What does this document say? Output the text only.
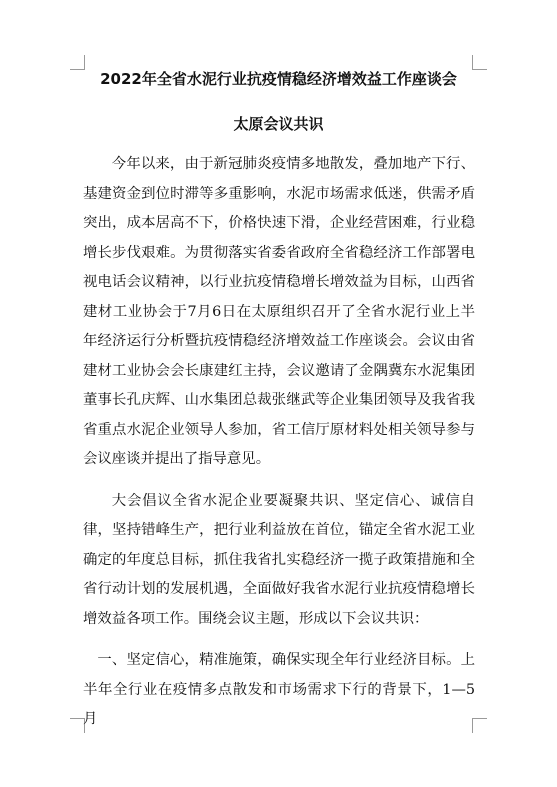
2022年全省水泥行业抗疫情稳经济增效益工作座谈会
太原会议共识

今年以来，由于新冠肺炎疫情多地散发，叠加地产下行、基建资金到位时滞等多重影响，水泥市场需求低迷，供需矛盾突出，成本居高不下，价格快速下滑，企业经营困难，行业稳增长步伐艰难。为贯彻落实省委省政府全省稳经济工作部署电视电话会议精神，以行业抗疫情稳增长增效益为目标，山西省建材工业协会于7月6日在太原组织召开了全省水泥行业上半年经济运行分析暨抗疫情稳经济增效益工作座谈会。会议由省建材工业协会会长康建红主持，会议邀请了金隅冀东水泥集团董事长孔庆辉、山水集团总裁张继武等企业集团领导及我省我省重点水泥企业领导人参加，省工信厅原材料处相关领导参与会议座谈并提出了指导意见。

大会倡议全省水泥企业要凝聚共识、坚定信心、诚信自律，坚持错峰生产，把行业利益放在首位，锚定全省水泥工业确定的年度总目标，抓住我省扎实稳经济一揽子政策措施和全省行动计划的发展机遇，全面做好我省水泥行业抗疫情稳增长增效益各项工作。围绕会议主题，形成以下会议共识：

一、坚定信心，精准施策，确保实现全年行业经济目标。上半年全行业在疫情多点散发和市场需求下行的背景下，1—5月
